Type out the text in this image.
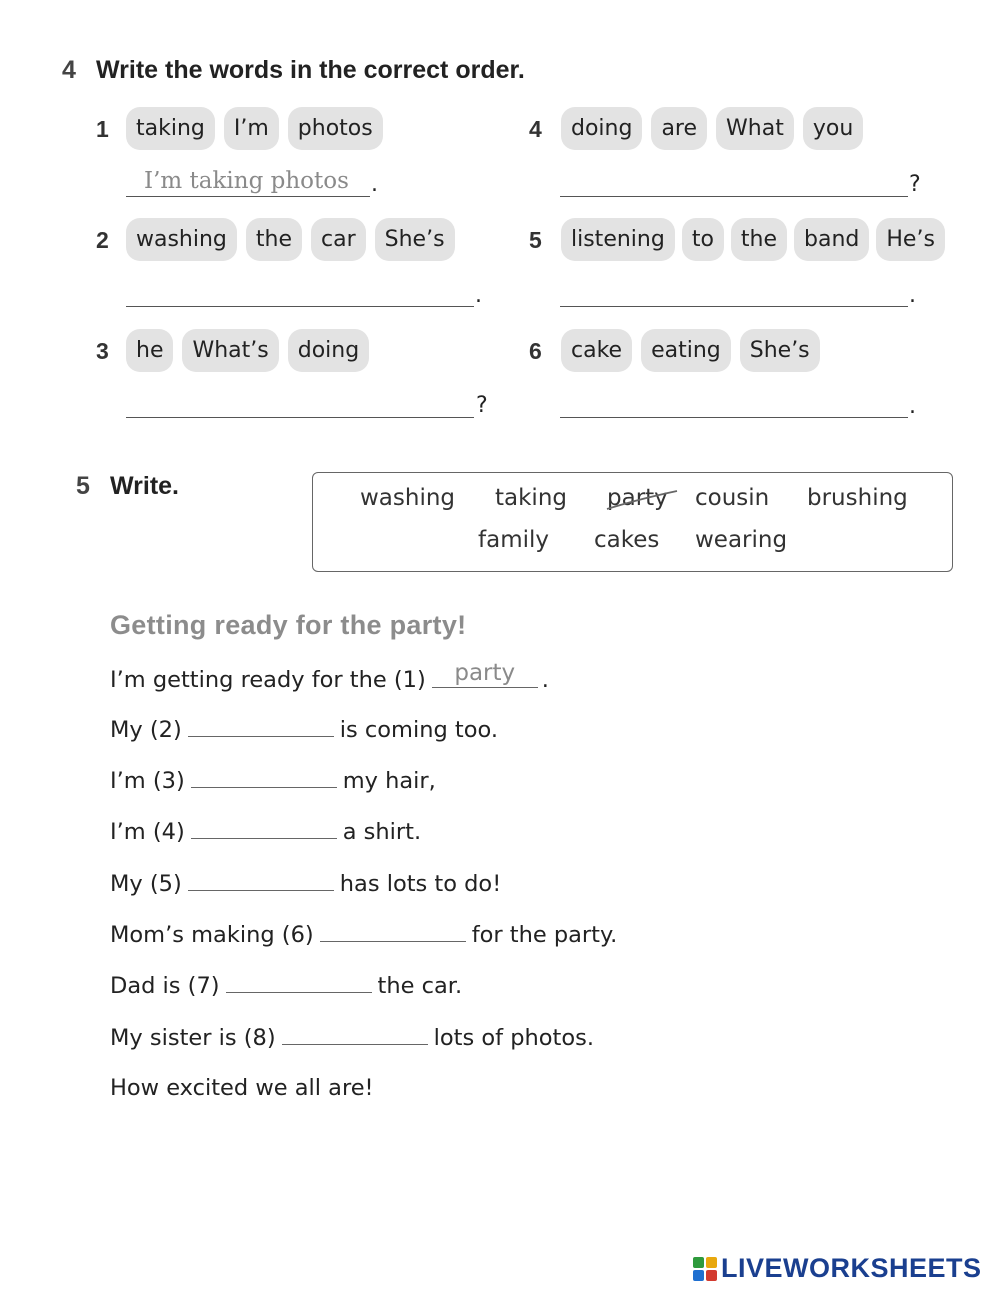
4 Write the words in the correct order.
1	taking	I’m	photos
I’m taking photos .
2	washing	the	car	She’s
.
3	he	What’s	doing
?
4	doing	are	What	you
?
5	listening	to	the	band	He’s
.
6	cake	eating	She’s
.
5 Write.	washing taking party cousin brushing
family cakes wearing
Getting ready for the party!
I’m getting ready for the (1)	party	.
My (2)	is coming too.
I’m (3)	my hair,
I’m (4)	a shirt.
My (5)	has lots to do!
Mom’s making (6)	for the party.
Dad is (7)	the car.
My sister is (8)	lots of photos.
How excited we all are!
LIVEWORKSHEETS
